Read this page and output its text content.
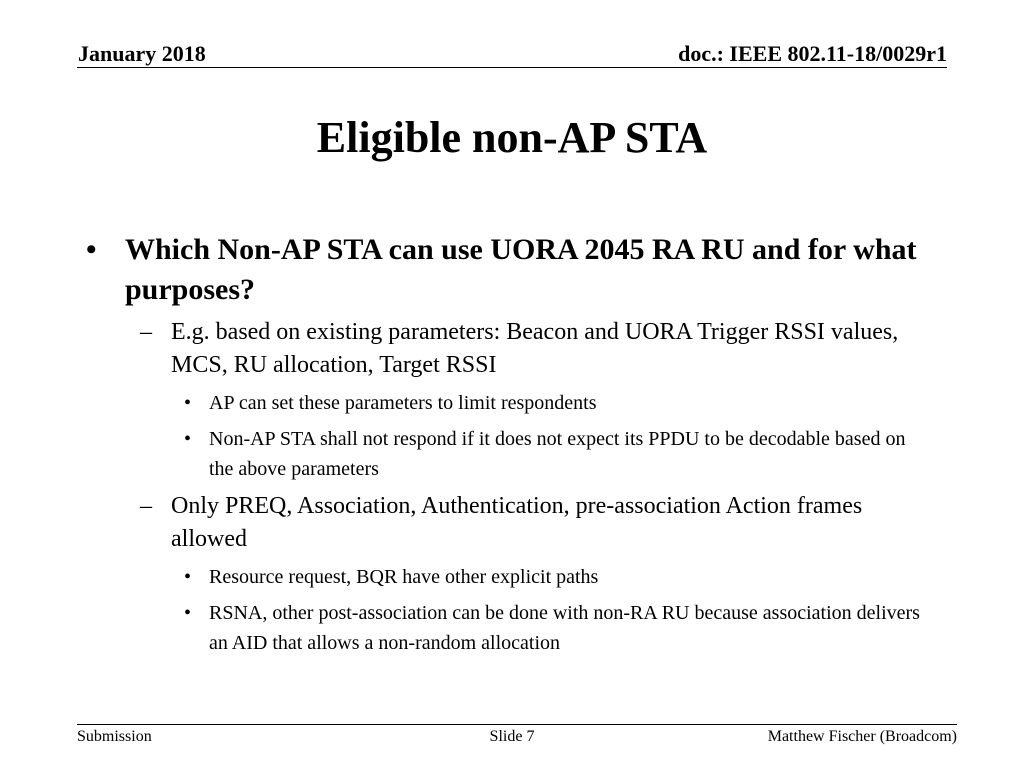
January 2018	doc.: IEEE 802.11-18/0029r1
Eligible non-AP STA
• Which Non-AP STA can use UORA 2045 RA RU and for what purposes?
– E.g. based on existing parameters: Beacon and UORA Trigger RSSI values, MCS, RU allocation, Target RSSI
• AP can set these parameters to limit respondents
• Non-AP STA shall not respond if it does not expect its PPDU to be decodable based on the above parameters
– Only PREQ, Association, Authentication, pre-association Action frames allowed
• Resource request, BQR have other explicit paths
• RSNA, other post-association can be done with non-RA RU because association delivers an AID that allows a non-random allocation
Submission	Slide 7	Matthew Fischer (Broadcom)
